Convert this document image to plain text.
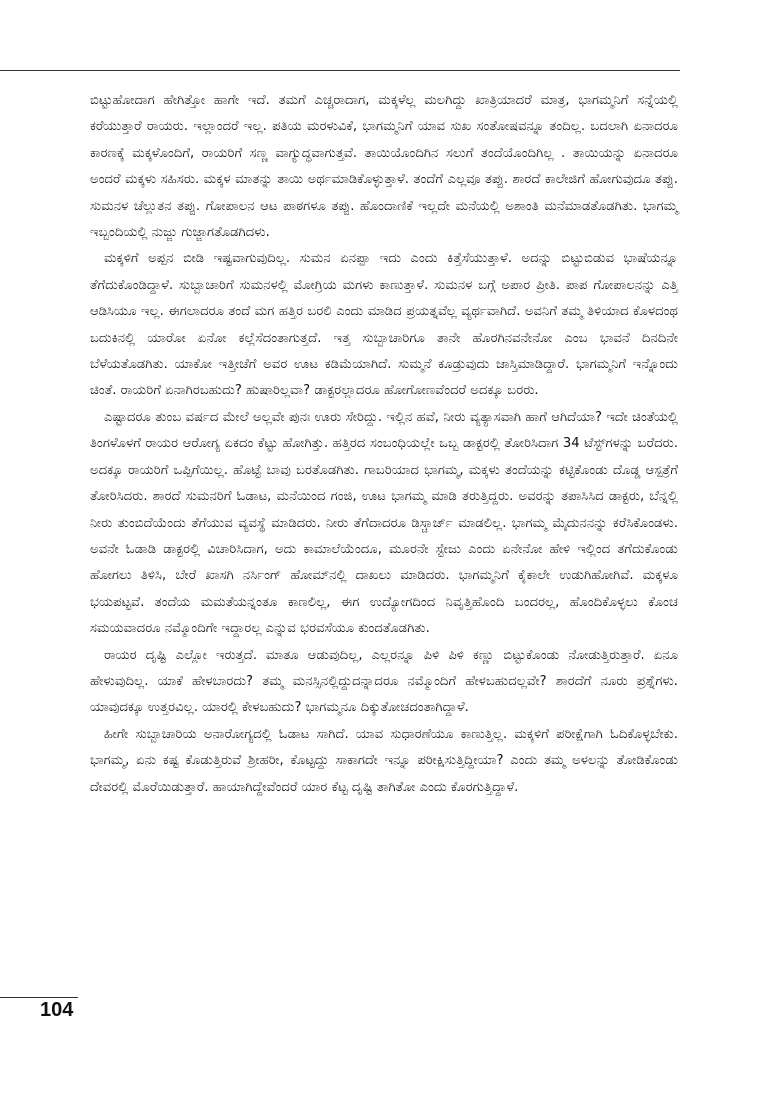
ಬಿಟ್ಟುಹೋದಾಗ ಹೇಗಿತ್ತೋ ಹಾಗೇ ಇದೆ. ತಮಗೆ ಎಚ್ಚರಾದಾಗ, ಮಕ್ಕಳೆಲ್ಲ ಮಲಗಿದ್ದು ಖಾತ್ರಿಯಾದರೆ ಮಾತ್ರ, ಭಾಗಮ್ಮನಿಗೆ ಸನ್ನೆಯಲ್ಲಿ ಕರೆಯುತ್ತಾರೆ ರಾಯರು. ಇಲ್ಲಾಂದರೆ ಇಲ್ಲ. ಪತಿಯ ಮರಳುವಿಕೆ, ಭಾಗಮ್ಮನಿಗೆ ಯಾವ ಸುಖ ಸಂತೋಷವನ್ನೂ ತಂದಿಲ್ಲ. ಬದಲಾಗಿ ಏನಾದರೂ ಕಾರಣಕ್ಕೆ ಮಕ್ಕಳೊಂದಿಗೆ, ರಾಯರಿಗೆ ಸಣ್ಣ ವಾಗ್ಯುದ್ಧವಾಗುತ್ತವೆ. ತಾಯಿಯೊಂದಿಗಿನ ಸಲುಗೆ ತಂದೆಯೊಂದಿಗಿಲ್ಲ . ತಾಯಿಯನ್ನು ಏನಾದರೂ ಅಂದರೆ ಮಕ್ಕಳು ಸಹಿಸರು. ಮಕ್ಕಳ ಮಾತನ್ನು ತಾಯಿ ಅರ್ಥಮಾಡಿಕೊಳ್ಳುತ್ತಾಳೆ. ತಂದೆಗೆ ಎಲ್ಲವೂ ತಪ್ಪು. ಶಾರದೆ ಕಾಲೇಜಿಗೆ ಹೋಗುವುದೂ ತಪ್ಪು. ಸುಮನಳ ಚೆಲ್ಲುತನ ತಪ್ಪು. ಗೋಪಾಲನ ಆಟ ಪಾಠಗಳೂ ತಪ್ಪು. ಹೊಂದಾಣಿಕೆ ಇಲ್ಲದೇ ಮನೆಯಲ್ಲಿ ಅಶಾಂತಿ ಮನೆಮಾಡತೊಡಗಿತು. ಭಾಗಮ್ಮ ಇಬ್ಬಂದಿಯಲ್ಲಿ ನುಜ್ಜು ಗುಜ್ಜಾಗತೊಡಗಿದಳು.

ಮಕ್ಕಳಿಗೆ ಅಪ್ಪನ ಬೀಡಿ ಇಷ್ಟವಾಗುವುದಿಲ್ಲ. ಸುಮನ ಏನಪ್ಪಾ ಇದು ಎಂದು ಕಿತ್ತೆಸೆಯುತ್ತಾಳೆ. ಅದನ್ನು ಬಿಟ್ಟುಬಿಡುವ ಭಾಷೆಯನ್ನೂ ತೆಗೆದುಕೊಂಡಿದ್ದಾಳೆ. ಸುಬ್ಬಾಚಾರಿಗೆ ಸುಮನಳಲ್ಲಿ ಮೋಗ್ರಿಯ ಮಗಳು ಕಾಣುತ್ತಾಳೆ. ಸುಮನಳ ಬಗ್ಗೆ ಅಪಾರ ಪ್ರೀತಿ. ಪಾಪ ಗೋಪಾಲನನ್ನು ಎತ್ತಿ ಆಡಿಸಿಯೂ ಇಲ್ಲ. ಈಗಲಾದರೂ ತಂದೆ ಮಗ ಹತ್ತಿರ ಬರಲಿ ಎಂದು ಮಾಡಿದ ಪ್ರಯತ್ನವೆಲ್ಲ ವ್ಯರ್ಥವಾಗಿದೆ. ಅವನಿಗೆ ತಮ್ಮ ತಿಳಿಯಾದ ಕೊಳದಂಥ ಬದುಕಿನಲ್ಲಿ ಯಾರೋ ಏನೋ ಕಲ್ಲೆಸೆದಂತಾಗುತ್ತದೆ. ಇತ್ತ ಸುಬ್ಬಾಚಾರಿಗೂ ತಾನೇ ಹೊರಗಿನವನೇನೋ ಎಂಬ ಭಾವನೆ ದಿನದಿನೇ ಬೆಳೆಯತೊಡಗಿತು. ಯಾಕೋ ಇತ್ತೀಚೆಗೆ ಅವರ ಊಟ ಕಡಿಮೆಯಾಗಿದೆ. ಸುಮ್ಮನೆ ಕೂಡ್ರುವುದು ಜಾಸ್ತಿಮಾಡಿದ್ದಾರೆ. ಭಾಗಮ್ಮನಿಗೆ ಇನ್ನೊಂದು ಚಿಂತೆ. ರಾಯರಿಗೆ ಏನಾಗಿರಬಹುದು? ಹುಷಾರಿಲ್ಲವಾ? ಡಾಕ್ಟರಲ್ಲಾದರೂ ಹೋಗೋಣವೆಂದರೆ ಅದಕ್ಕೂ ಬರರು.

ಎಷ್ಟಾದರೂ ತುಂಬ ವರ್ಷದ ಮೇಲೆ ಅಲ್ಲವೇ ಪುನಃ ಊರು ಸೇರಿದ್ದು. ಇಲ್ಲಿನ ಹವೆ, ನೀರು ವ್ಯತ್ಯಾಸವಾಗಿ ಹಾಗೆ ಆಗಿದೆಯಾ? ಇದೇ ಚಿಂತೆಯಲ್ಲಿ ತಿಂಗಳೊಳಗೆ ರಾಯರ ಆರೋಗ್ಯ ಏಕದಂ ಕೆಟ್ಟು ಹೋಗಿತ್ತು. ಹತ್ತಿರದ ಸಂಬಂಧಿಯಲ್ಲೇ ಒಬ್ಬ ಡಾಕ್ಟರಲ್ಲಿ ತೋರಿಸಿದಾಗ 34 ಟೆಸ್ಟ್‌ಗಳನ್ನು ಬರೆದರು. ಅದಕ್ಕೂ ರಾಯರಿಗೆ ಒಪ್ಪಿಗೆಯಿಲ್ಲ. ಹೊಟ್ಟೆ ಬಾವು ಬರತೊಡಗಿತು. ಗಾಬರಿಯಾದ ಭಾಗಮ್ಮ, ಮಕ್ಕಳು ತಂದೆಯನ್ನು ಕಟ್ಟಿಕೊಂಡು ದೊಡ್ಡ ಆಸ್ಪತ್ರೆಗೆ ತೋರಿಸಿದರು. ಶಾರದೆ ಸುಮನರಿಗೆ ಓಡಾಟ, ಮನೆಯಿಂದ ಗಂಜಿ, ಊಟ ಭಾಗಮ್ಮ ಮಾಡಿ ತರುತ್ತಿದ್ದರು. ಅವರನ್ನು ತಪಾಸಿಸಿದ ಡಾಕ್ಟರು, ಬೆನ್ನಲ್ಲಿ ನೀರು ತುಂಬಿದೆಯೆಂದು ತೆಗೆಯುವ ವ್ಯವಸ್ಥೆ ಮಾಡಿದರು. ನೀರು ತೆಗೆದಾದರೂ ಡಿಸ್ಚಾರ್ಜ್ ಮಾಡಲಿಲ್ಲ. ಭಾಗಮ್ಮ ಮೈದುನನನ್ನು ಕರೆಸಿಕೊಂಡಳು. ಅವನೇ ಓಡಾಡಿ ಡಾಕ್ಟರಲ್ಲಿ ವಿಚಾರಿಸಿದಾಗ, ಅದು ಕಾಮಾಲೆಯೆಂದೂ, ಮೂರನೇ ಸ್ಟೇಜು ಎಂದು ಏನೇನೋ ಹೇಳಿ ಇಲ್ಲಿಂದ ತಗೆದುಕೊಂಡು ಹೋಗಲು ತಿಳಿಸಿ, ಬೇರೆ ಖಾಸಗಿ ನರ್ಸಿಂಗ್ ಹೋಮ್‌ನಲ್ಲಿ ದಾಖಲು ಮಾಡಿದರು. ಭಾಗಮ್ಮನಿಗೆ ಕೈಕಾಲೇ ಉಡುಗಿಹೋಗಿವೆ. ಮಕ್ಕಳೂ ಭಯಪಟ್ಟವೆ. ತಂದೆಯ ಮಮತೆಯನ್ನಂತೂ ಕಾಣಲಿಲ್ಲ, ಈಗ ಉದ್ಯೋಗದಿಂದ ನಿವೃತ್ತಿಹೊಂದಿ ಬಂದರಲ್ಲ, ಹೊಂದಿಕೊಳ್ಳಲು ಕೊಂಚ ಸಮಯವಾದರೂ ನಮ್ಮೊಂದಿಗೇ ಇದ್ದಾರಲ್ಲ ಎನ್ನುವ ಭರವಸೆಯೂ ಕುಂದತೊಡಗಿತು.

ರಾಯರ ದೃಷ್ಟಿ ಎಲ್ಲೋ ಇರುತ್ತದೆ. ಮಾತೂ ಆಡುವುದಿಲ್ಲ, ಎಲ್ಲರನ್ನೂ ಪಿಳಿ ಪಿಳಿ ಕಣ್ಣು ಬಿಟ್ಟುಕೊಂಡು ನೋಡುತ್ತಿರುತ್ತಾರೆ. ಏನೂ ಹೇಳುವುದಿಲ್ಲ. ಯಾಕೆ ಹೇಳಬಾರದು? ತಮ್ಮ ಮನಸ್ಸಿನಲ್ಲಿದ್ದುದನ್ನಾದರೂ ನಮ್ಮೊಂದಿಗೆ ಹೇಳಬಹುದಲ್ಲವೇ? ಶಾರದೆಗೆ ನೂರು ಪ್ರಶ್ನೆಗಳು. ಯಾವುದಕ್ಕೂ ಉತ್ತರವಿಲ್ಲ. ಯಾರಲ್ಲಿ ಕೇಳಬಹುದು? ಭಾಗಮ್ಮನೂ ದಿಕ್ಕುತೋಚದಂತಾಗಿದ್ದಾಳೆ.

ಹೀಗೇ ಸುಬ್ಬಾಚಾರಿಯ ಅನಾರೋಗ್ಯದಲ್ಲಿ ಓಡಾಟ ಸಾಗಿದೆ. ಯಾವ ಸುಧಾರಣೆಯೂ ಕಾಣುತ್ತಿಲ್ಲ. ಮಕ್ಕಳಿಗೆ ಪರೀಕ್ಷೆಗಾಗಿ ಓದಿಕೊಳ್ಳಬೇಕು. ಭಾಗಮ್ಮ, ಏನು ಕಷ್ಟ ಕೊಡುತ್ತಿರುವೆ ಶ್ರೀಹರೀ, ಕೊಟ್ಟದ್ದು ಸಾಕಾಗದೇ ಇನ್ನೂ ಪರೀಕ್ಷಿಸುತ್ತಿದ್ದೀಯಾ? ಎಂದು ತಮ್ಮ ಅಳಲನ್ನು ತೋಡಿಕೊಂಡು ದೇವರಲ್ಲಿ ಮೊರೆಯಿಡುತ್ತಾರೆ. ಹಾಯಾಗಿದ್ದೇವೆಂದರೆ ಯಾರ ಕೆಟ್ಟ ದೃಷ್ಟಿ ತಾಗಿತೋ ಎಂದು ಕೊರಗುತ್ತಿದ್ದಾಳೆ.

104
